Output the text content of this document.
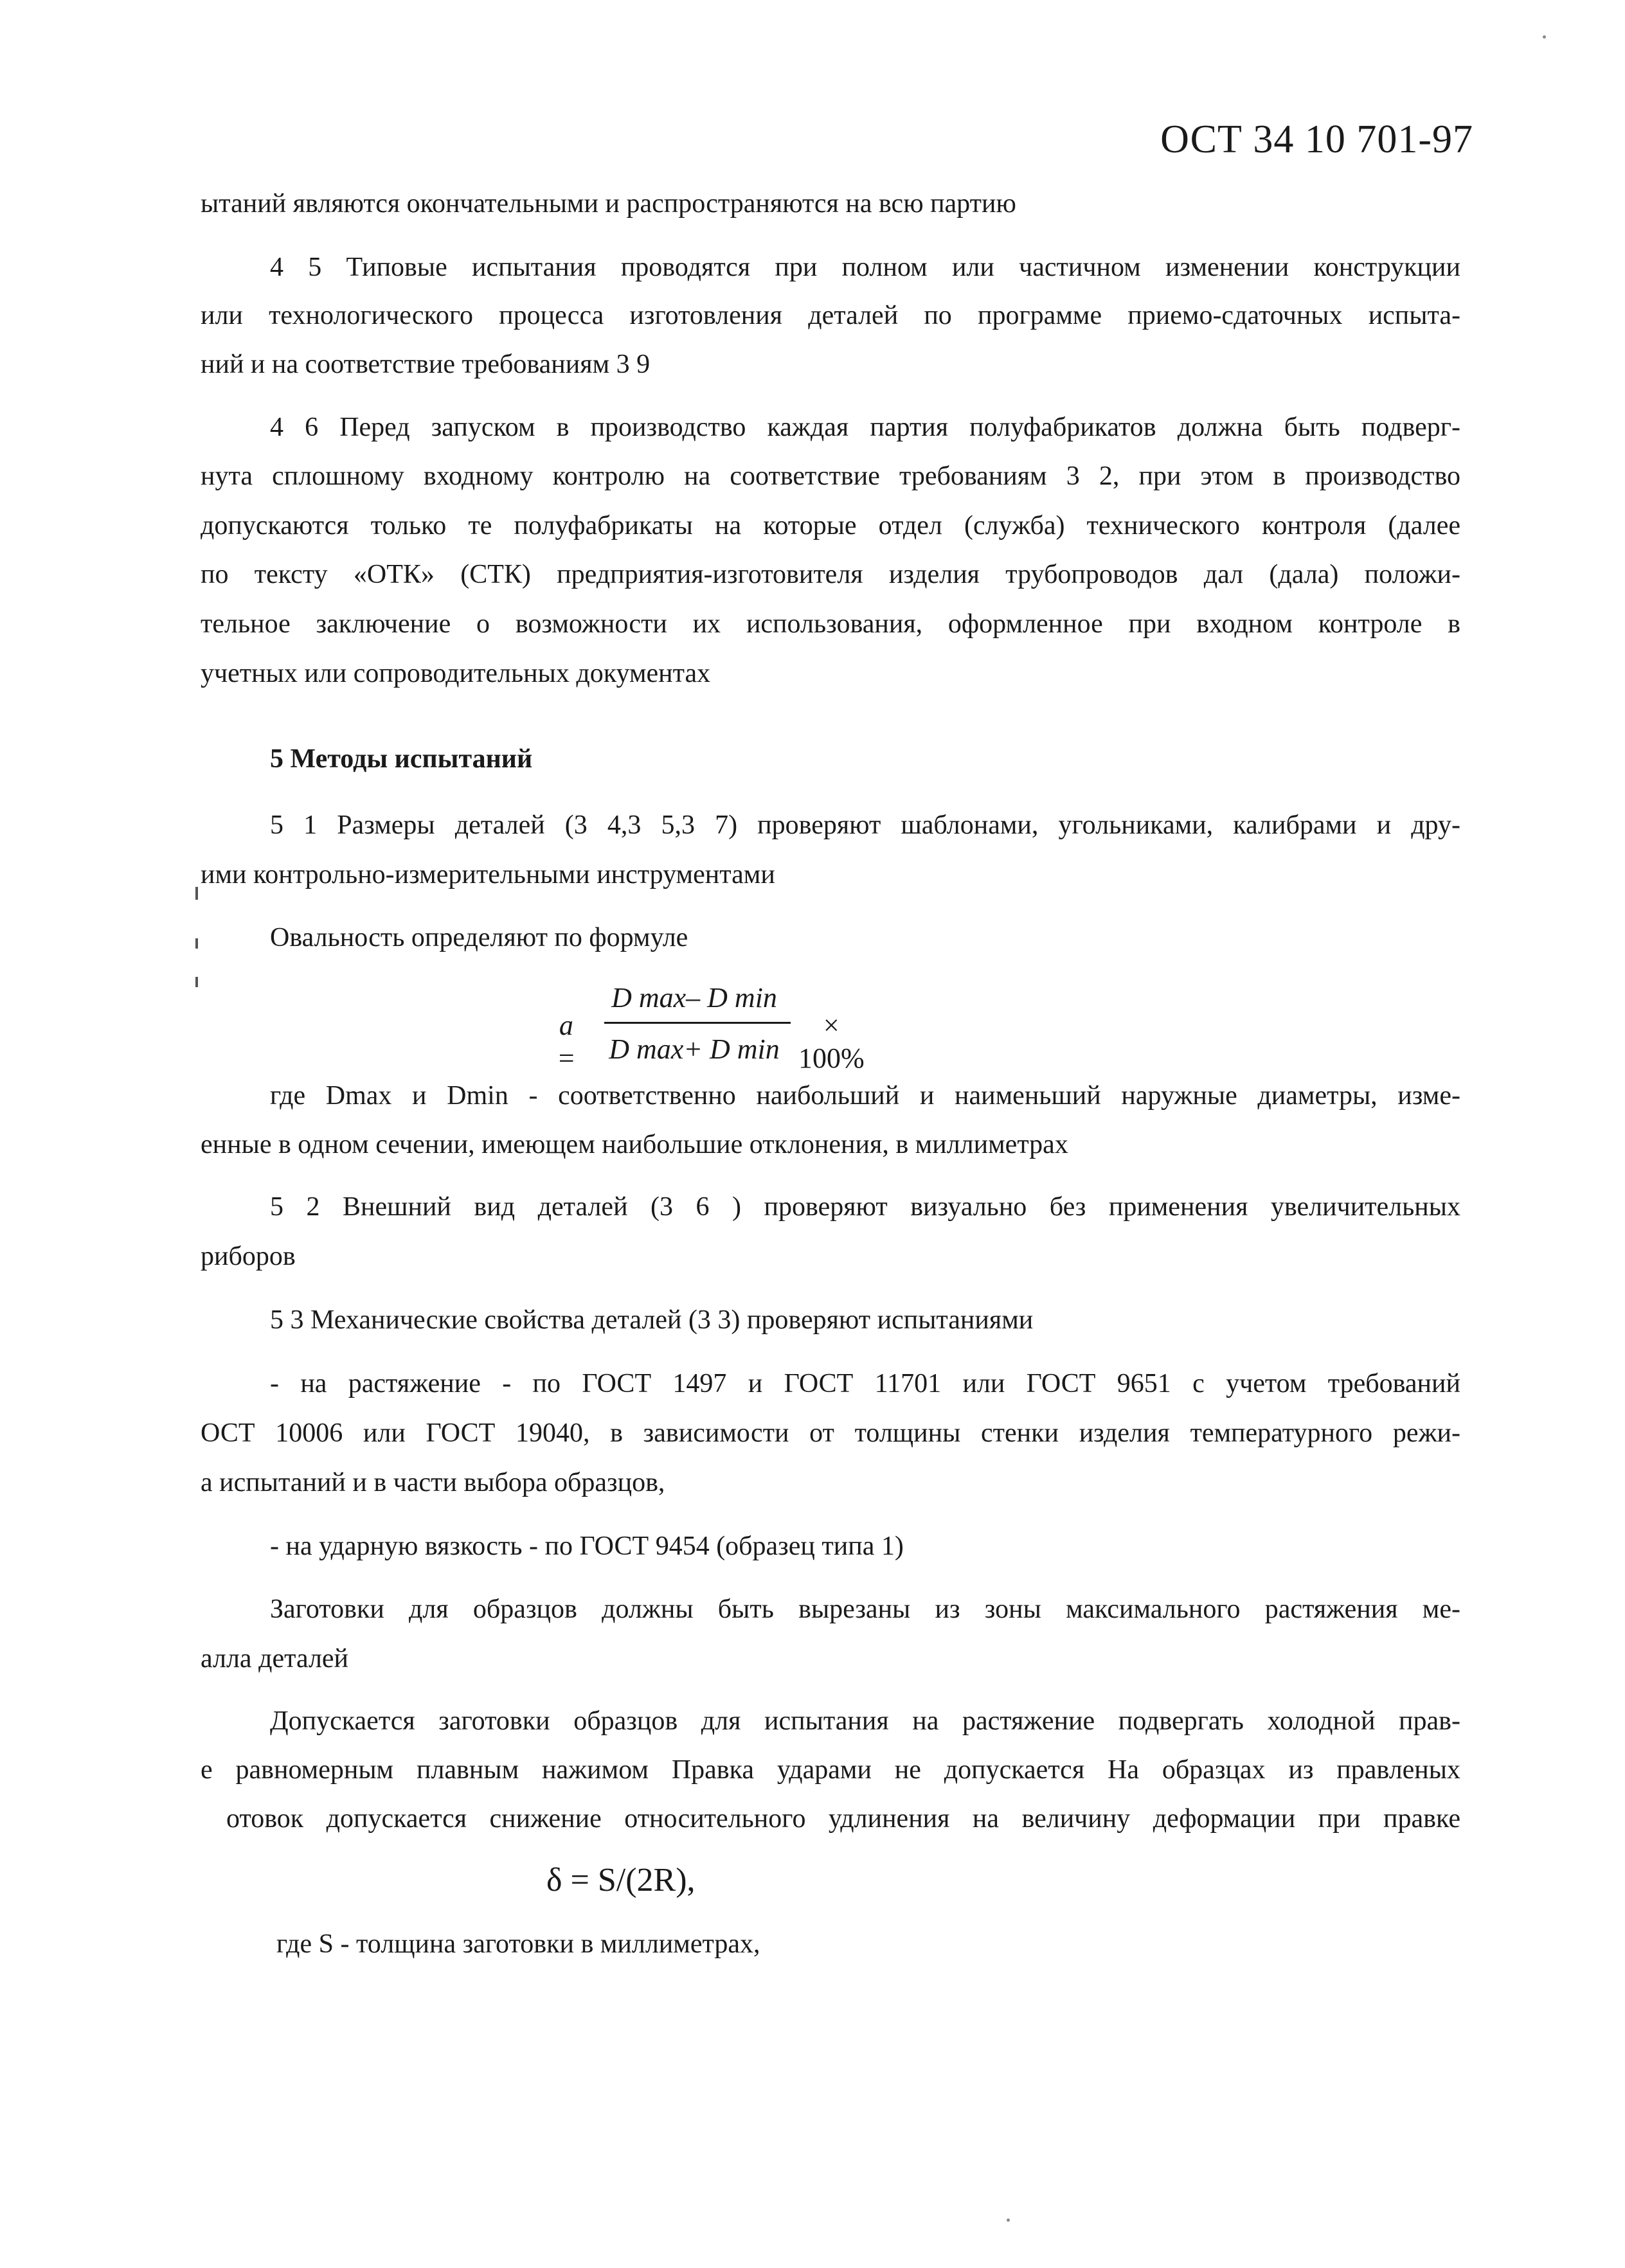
ОСТ 34 10 701-97
ытаний являются окончательными и распространяются на всю партию
4 5 Типовые испытания проводятся при полном или частичном изменении конструкции
или технологического процесса изготовления деталей по программе приемо-сдаточных испыта-
ний и на соответствие требованиям 3 9
4 6 Перед запуском в производство каждая партия полуфабрикатов должна быть подверг-
нута сплошному входному контролю на соответствие требованиям 3 2, при этом в производство
допускаются только те полуфабрикаты на которые отдел (служба) технического контроля (далее
по тексту «ОТК» (СТК) предприятия-изготовителя изделия трубопроводов дал (дала) положи-
тельное заключение о возможности их использования, оформленное при входном контроле в
учетных или сопроводительных документах
5 Методы испытаний
5 1 Размеры деталей (3 4,3 5,3 7) проверяют шаблонами, угольниками, калибрами и дру-
ими контрольно-измерительными инструментами
Овальность определяют по формуле
a =
D max– D min
D max+ D min
× 100%
где Dmax и Dmin - соответственно наибольший и наименьший наружные диаметры, изме-
енные в одном сечении, имеющем наибольшие отклонения, в миллиметрах
5 2 Внешний вид деталей (3 6 ) проверяют визуально без применения увеличительных
риборов
5 3 Механические свойства деталей (3 3) проверяют испытаниями
- на растяжение - по ГОСТ 1497 и ГОСТ 11701 или ГОСТ 9651 с учетом требований
ОСТ 10006 или ГОСТ 19040, в зависимости от толщины стенки изделия температурного режи-
а испытаний и в части выбора образцов,
- на ударную вязкость - по ГОСТ 9454 (образец типа 1)
Заготовки для образцов должны быть вырезаны из зоны максимального растяжения ме-
алла деталей
Допускается заготовки образцов для испытания на растяжение подвергать холодной прав-
е равномерным плавным нажимом Правка ударами не допускается На образцах из правленых
отовок допускается снижение относительного удлинения на величину деформации при правке
δ = S/(2R),
где S - толщина заготовки в миллиметрах,
